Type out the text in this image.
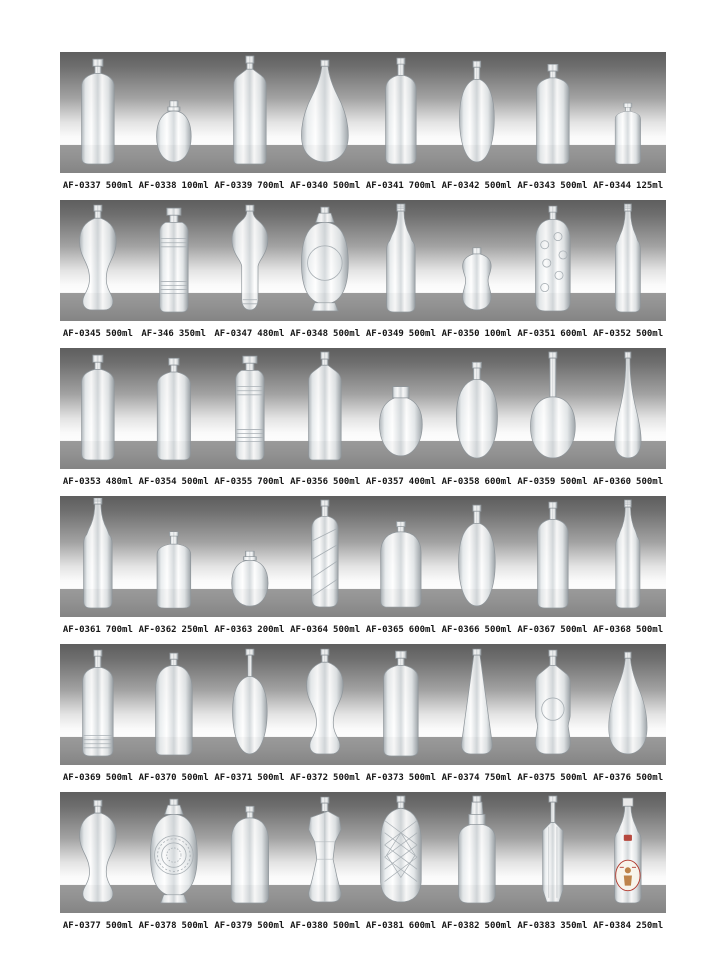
AF-0337 500ml AF-0338 100ml AF-0339 700ml AF-0340 500ml AF-0341 700ml AF-0342 500ml AF-0343 500ml AF-0344 125ml
AF-0345 500ml AF-346 350ml AF-0347 480ml AF-0348 500ml AF-0349 500ml AF-0350 100ml AF-0351 600ml AF-0352 500ml
AF-0353 480ml AF-0354 500ml AF-0355 700ml AF-0356 500ml AF-0357 400ml AF-0358 600ml AF-0359 500ml AF-0360 500ml
AF-0361 700ml AF-0362 250ml AF-0363 200ml AF-0364 500ml AF-0365 600ml AF-0366 500ml AF-0367 500ml AF-0368 500ml
AF-0369 500ml AF-0370 500ml AF-0371 500ml AF-0372 500ml AF-0373 500ml AF-0374 750ml AF-0375 500ml AF-0376 500ml
AF-0377 500ml AF-0378 500ml AF-0379 500ml AF-0380 500ml AF-0381 600ml AF-0382 500ml AF-0383 350ml AF-0384 250ml
